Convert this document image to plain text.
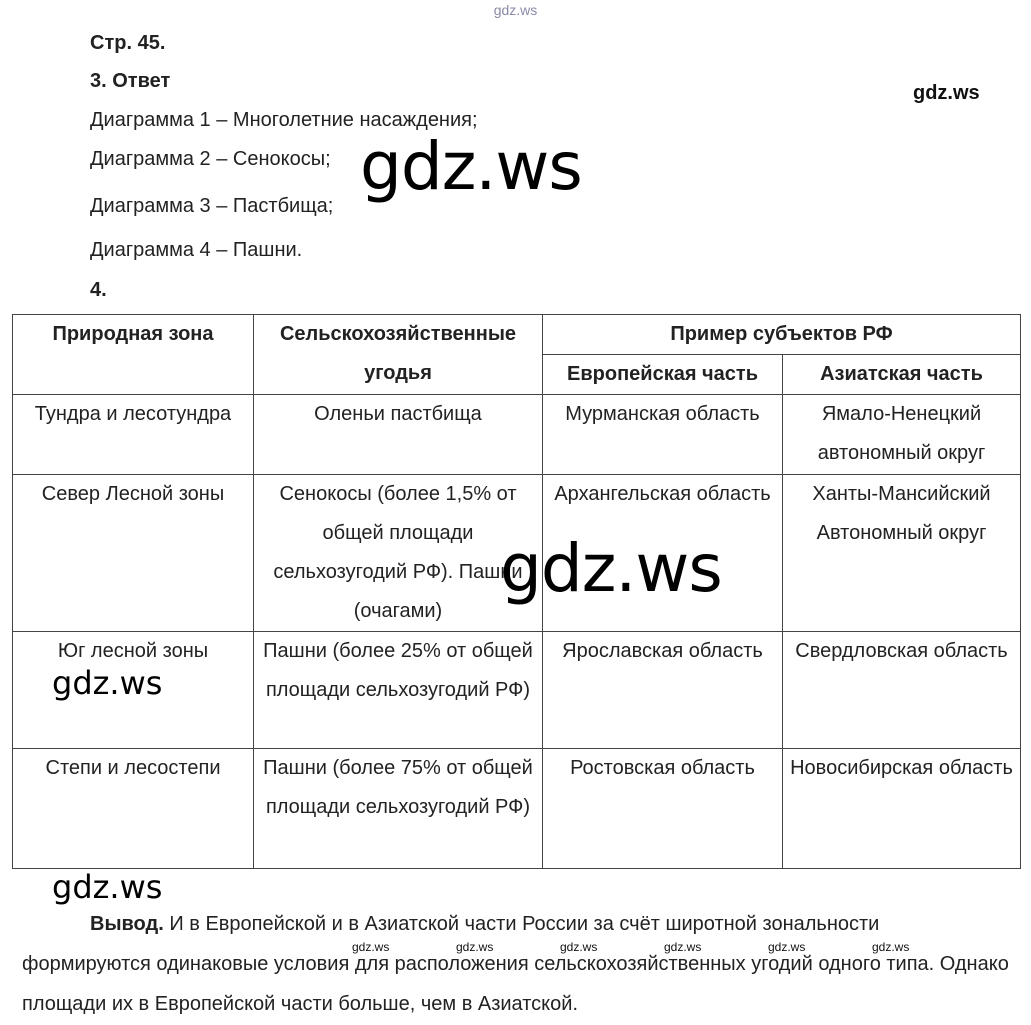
Стр. 45.
3. Ответ
Диаграмма 1 – Многолетние насаждения;
Диаграмма 2 – Сенокосы;
Диаграмма 3 – Пастбища;
Диаграмма 4 – Пашни.
4.
Природная зона	Сельскохозяйственные угодья	Пример субъектов РФ	
		Европейская часть	Азиатская часть
Тундра и лесотундра	Оленьи пастбища	Мурманская область	Ямало-Ненецкий автономный округ
Север Лесной зоны	Сенокосы (более 1,5% от общей площади сельхозугодий РФ). Пашни (очагами)	Архангельская область	Ханты-Мансийский Автономный округ
Юг лесной зоны	Пашни (более 25% от общей площади сельхозугодий РФ)	Ярославская область	Свердловская область
Степи и лесостепи	Пашни (более 75% от общей площади сельхозугодий РФ)	Ростовская область	Новосибирская область
Вывод. И в Европейской и в Азиатской части России за счёт широтной зональности формируются одинаковые условия для расположения сельскохозяйственных угодий одного типа. Однако площади их в Европейской части больше, чем в Азиатской.
gdz.ws
gdz.ws
gdz.ws
gdz.ws
gdz.ws
gdz.ws
gdz.ws	gdz.ws	gdz.ws	gdz.ws	gdz.ws	gdz.ws
